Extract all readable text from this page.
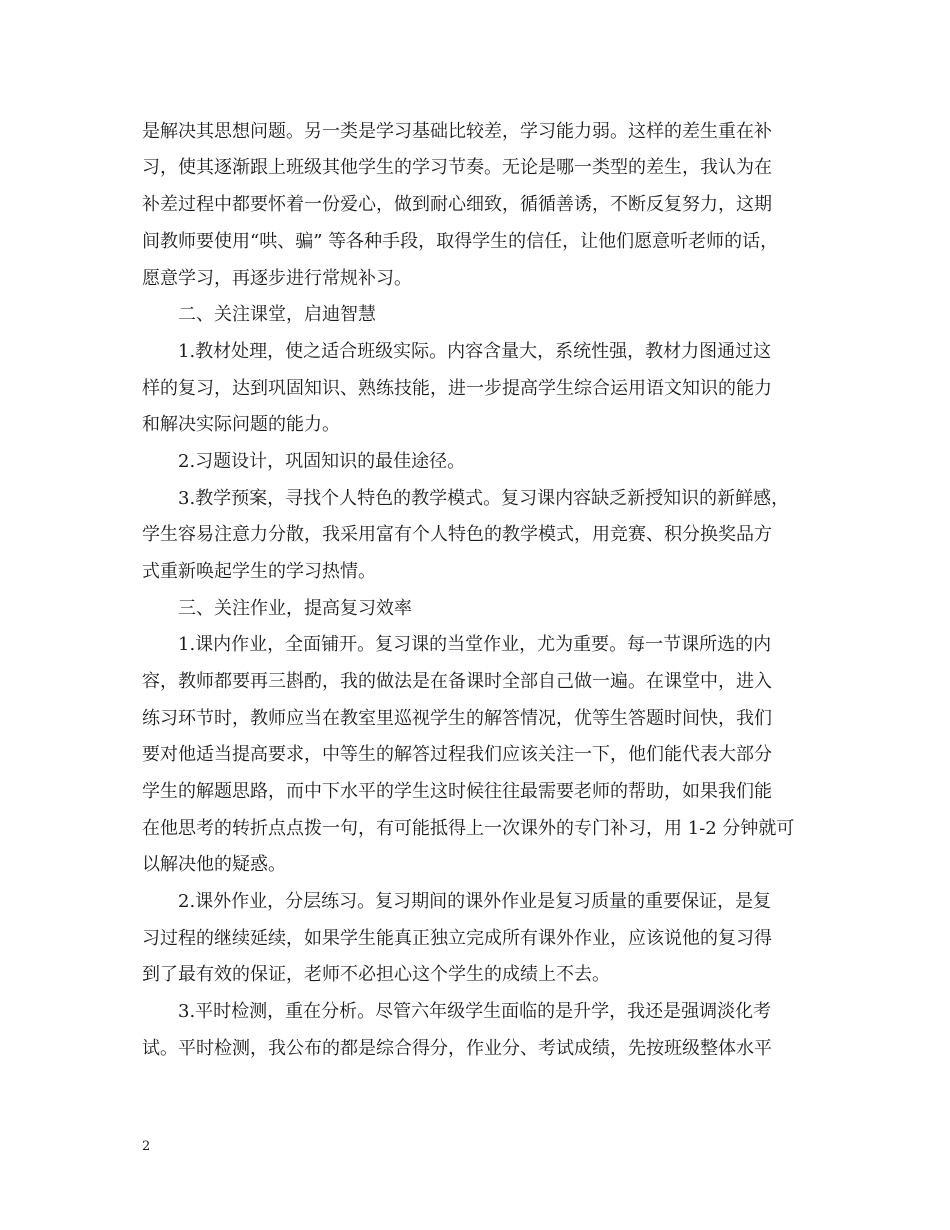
是解决其思想问题。另一类是学习基础比较差，学习能力弱。这样的差生重在补
习，使其逐渐跟上班级其他学生的学习节奏。无论是哪一类型的差生，我认为在
补差过程中都要怀着一份爱心，做到耐心细致，循循善诱，不断反复努力，这期
间教师要使用“哄、骗” 等各种手段，取得学生的信任，让他们愿意听老师的话，
愿意学习，再逐步进行常规补习。
二、关注课堂，启迪智慧
1.教材处理，使之适合班级实际。内容含量大，系统性强，教材力图通过这
样的复习，达到巩固知识、熟练技能，进一步提高学生综合运用语文知识的能力
和解决实际问题的能力。
2.习题设计，巩固知识的最佳途径。
3.教学预案，寻找个人特色的教学模式。复习课内容缺乏新授知识的新鲜感，
学生容易注意力分散，我采用富有个人特色的教学模式，用竞赛、积分换奖品方
式重新唤起学生的学习热情。
三、关注作业，提高复习效率
1.课内作业，全面铺开。复习课的当堂作业，尤为重要。每一节课所选的内
容，教师都要再三斟酌，我的做法是在备课时全部自己做一遍。在课堂中，进入
练习环节时，教师应当在教室里巡视学生的解答情况，优等生答题时间快，我们
要对他适当提高要求，中等生的解答过程我们应该关注一下，他们能代表大部分
学生的解题思路，而中下水平的学生这时候往往最需要老师的帮助，如果我们能
在他思考的转折点点拨一句，有可能抵得上一次课外的专门补习，用 1-2 分钟就可
以解决他的疑惑。
2.课外作业，分层练习。复习期间的课外作业是复习质量的重要保证，是复
习过程的继续延续，如果学生能真正独立完成所有课外作业，应该说他的复习得
到了最有效的保证，老师不必担心这个学生的成绩上不去。
3.平时检测，重在分析。尽管六年级学生面临的是升学，我还是强调淡化考
试。平时检测，我公布的都是综合得分，作业分、考试成绩，先按班级整体水平
2
